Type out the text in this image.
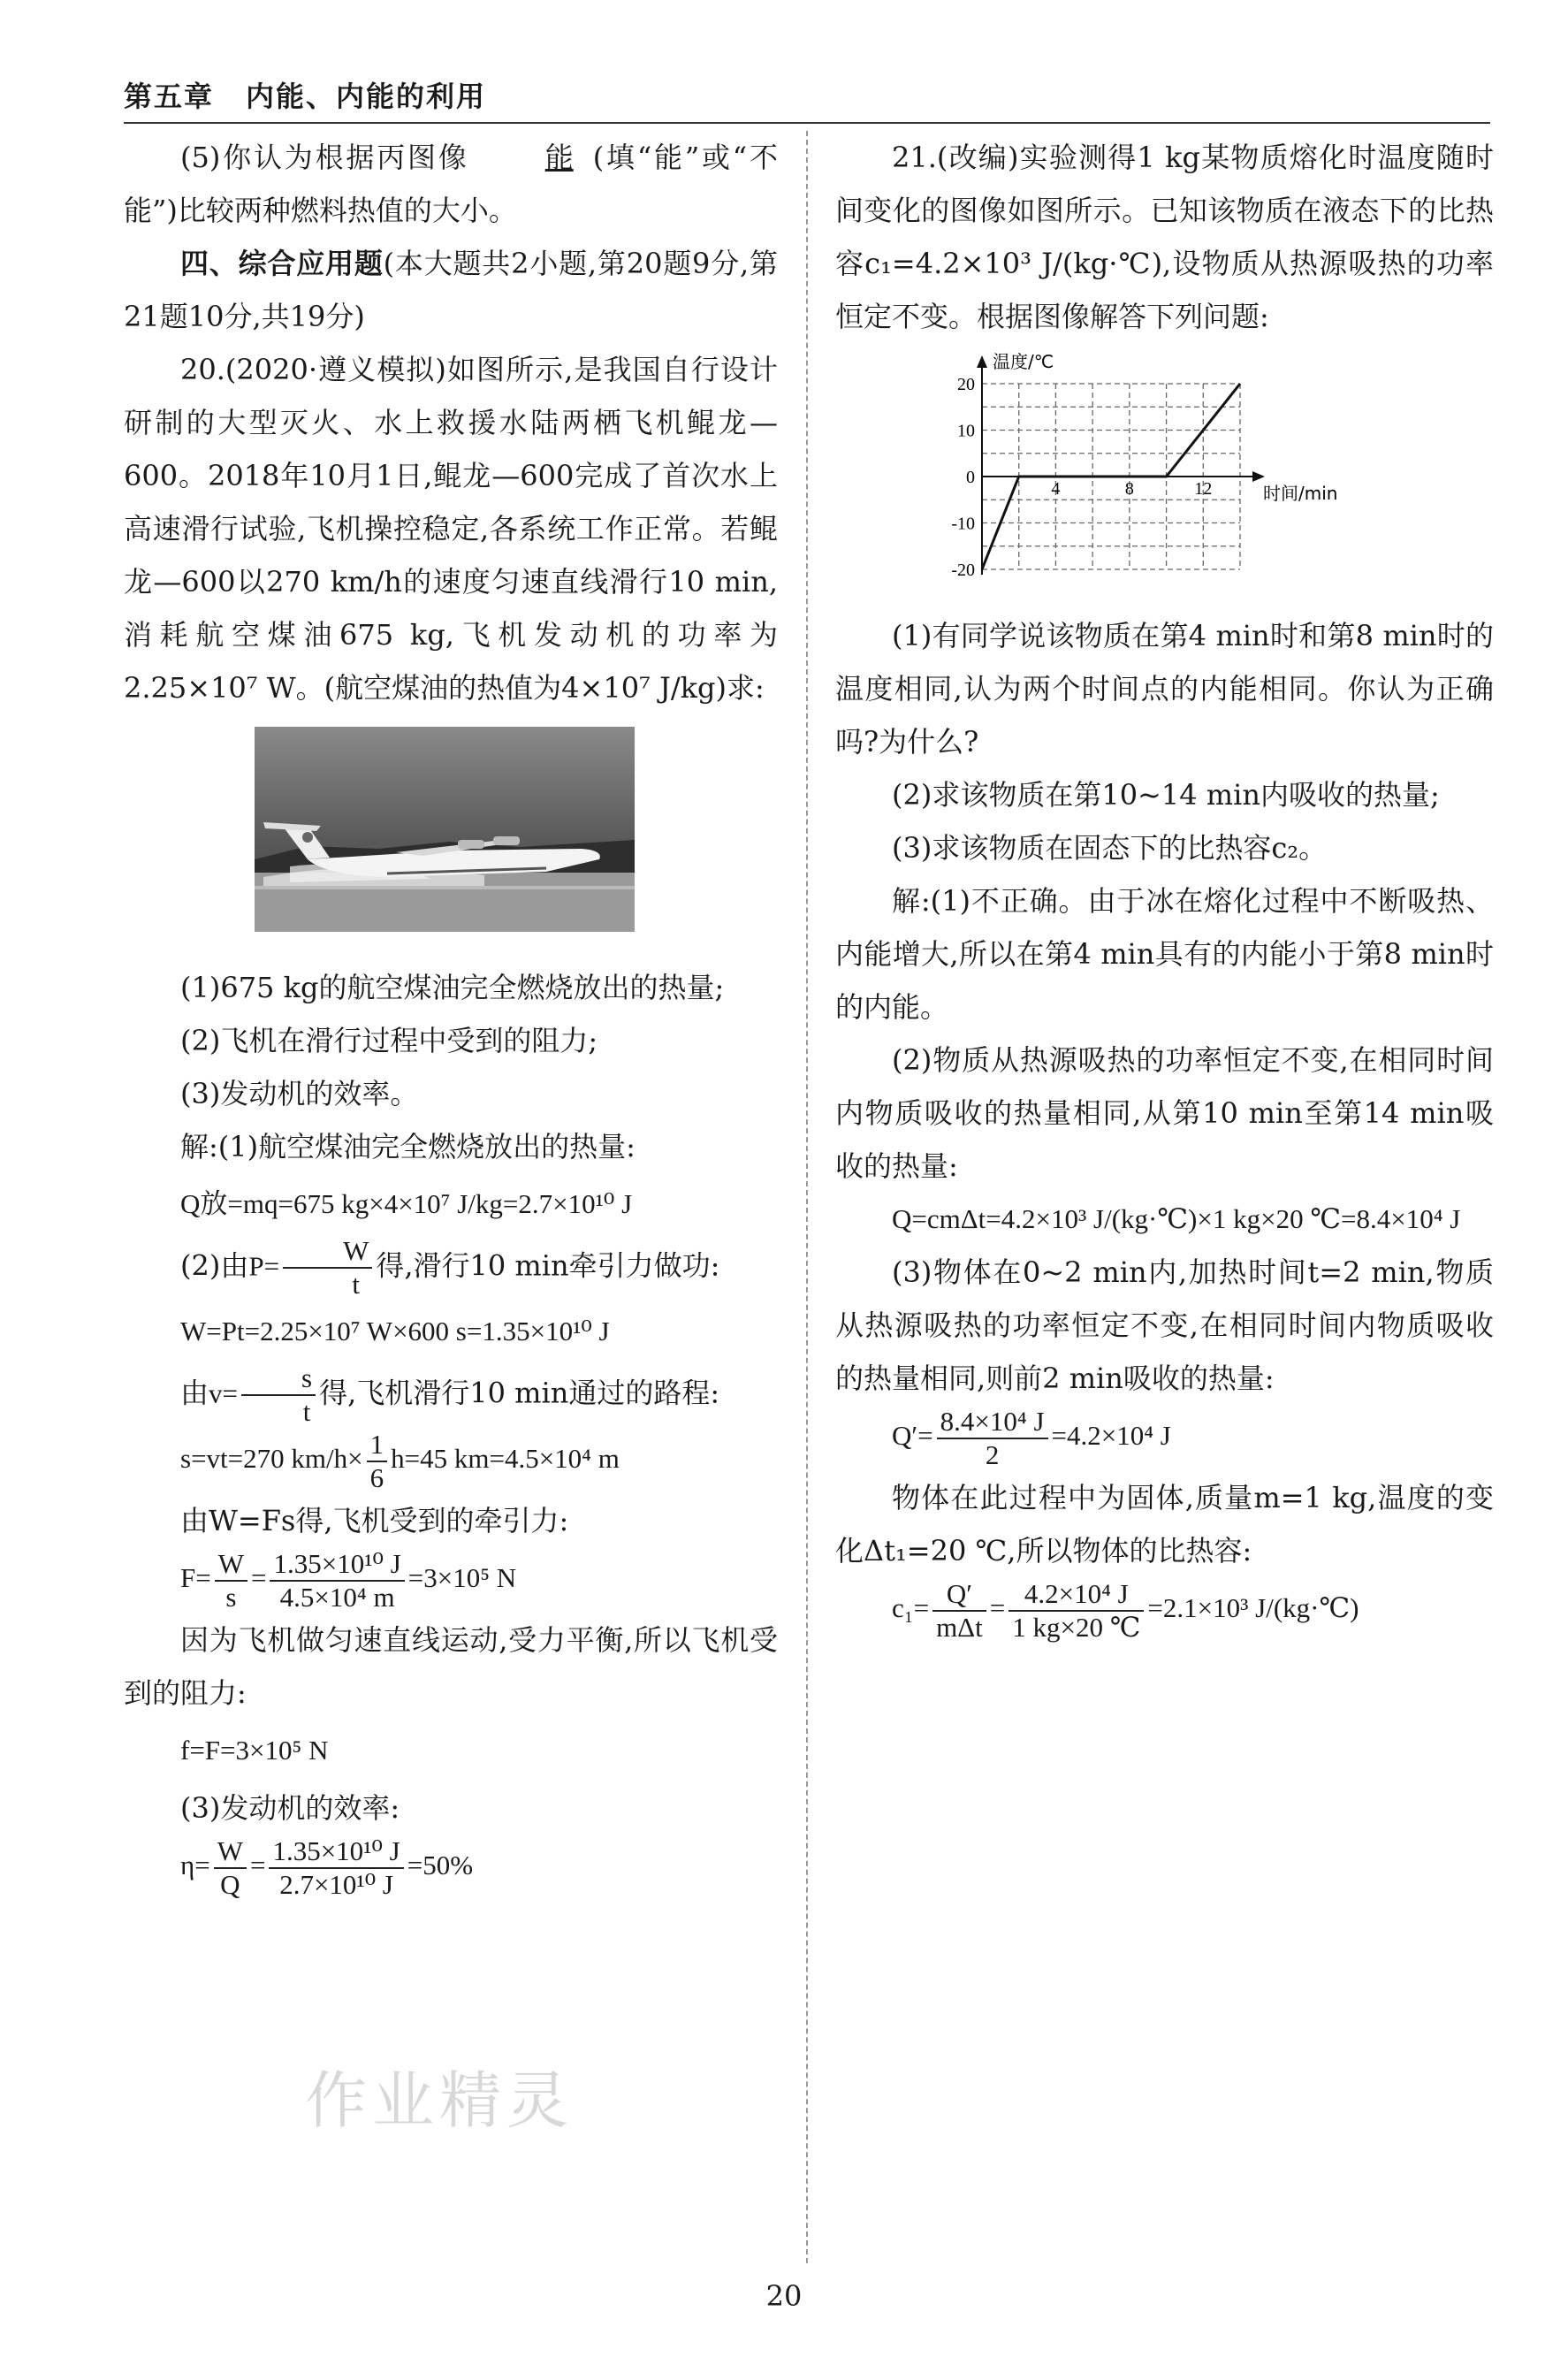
第五章 内能、内能的利用

(5)你认为根据丙图像	能 (填“能”或“不能”)比较两种燃料热值的大小。

四、综合应用题(本大题共2小题,第20题9分,第21题10分,共19分)

20.(2020·遵义模拟)如图所示,是我国自行设计研制的大型灭火、水上救援水陆两栖飞机鲲龙—600。2018年10月1日,鲲龙—600完成了首次水上高速滑行试验,飞机操控稳定,各系统工作正常。若鲲龙—600以270 km/h的速度匀速直线滑行10 min,消耗航空煤油675 kg,飞机发动机的功率为2.25×10⁷ W。(航空煤油的热值为4×10⁷ J/kg)求:

(1)675 kg的航空煤油完全燃烧放出的热量;

(2)飞机在滑行过程中受到的阻力;

(3)发动机的效率。

解:(1)航空煤油完全燃烧放出的热量:

Q放=mq=675 kg×4×10⁷ J/kg=2.7×10¹⁰ J

(2)由$P= \frac{W}{t}$ 得,滑行10 min牵引力做功:

W=Pt=2.25×10⁷ W×600 s=1.35×10¹⁰ J

由$v= \frac{s}{t}$ 得,飞机滑行10 min通过的路程:

s=vt=270 $km/h\times \frac{1}{6} h=45$ km=4.5×10⁴ m

由W=Fs得,飞机受到的牵引力:

$F= \frac{W}{s} = \frac{\text{1.35×10¹⁰ J}}{\text{4.5×10⁴ m}} =3\times 10^5$ N

因为飞机做匀速直线运动,受力平衡,所以飞机受到的阻力:

f=F=3×10⁵ N

(3)发动机的效率:

$\eta= \frac{W}{Q} = \frac{\text{1.35×10¹⁰ J}}{\text{2.7×10¹⁰ J}} =50\%$

21.(改编)实验测得1 kg某物质熔化时温度随时间变化的图像如图所示。已知该物质在液态下的比热容c₁=4.2×10³ J/(kg·℃),设物质从热源吸热的功率恒定不变。根据图像解答下列问题:

4	8	12
20
10
0
-10
-20
温度/℃
时间/min

(1)有同学说该物质在第4 min时和第8 min时的温度相同,认为两个时间点的内能相同。你认为正确吗?为什么?

(2)求该物质在第10~14 min内吸收的热量;

(3)求该物质在固态下的比热容c₂。

解:(1)不正确。由于冰在熔化过程中不断吸热、内能增大,所以在第4 min具有的内能小于第8 min时的内能。

(2)物质从热源吸热的功率恒定不变,在相同时间内物质吸收的热量相同,从第10 min至第14 min吸收的热量:

Q=cmΔt=4.2×10³ J/(kg·℃)×1 kg×20 ℃=8.4×10⁴ J

(3)物体在0~2 min内,加热时间t=2 min,物质从热源吸热的功率恒定不变,在相同时间内物质吸收的热量相同,则前2 min吸收的热量:

$Q'= \frac{\text{8.4×10⁴ J}}{2} =4.2\times 10^4$ J

物体在此过程中为固体,质量m=1 kg,温度的变化Δt₁=20 ℃,所以物体的比热容:

$c_1= \frac{Q'}{\text{mΔt}} = \frac{\text{4.2×10⁴ J}}{1 kg\times 20 ℃} =2.1\times 10^3$ J/(kg·℃)

作业精灵
20
